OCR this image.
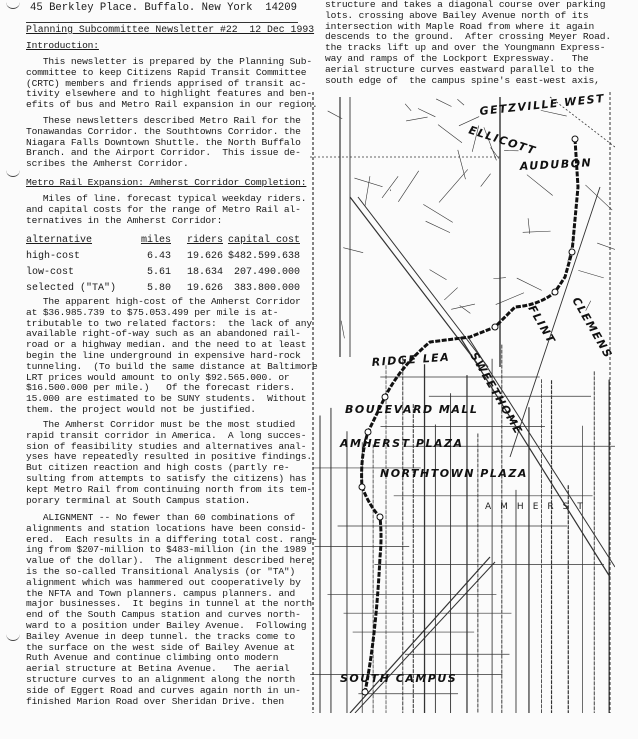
45 Berkley Place. Buffalo. New York  14209
Planning Subcommittee Newsletter #22  12 Dec 1993
Introduction:
This newsletter is prepared by the Planning Sub-
committee to keep Citizens Rapid Transit Committee
(CRTC) members and friends apprised of transit ac-
tivity elsewhere and to highlight features and ben-
efits of bus and Metro Rail expansion in our region.
These newsletters described Metro Rail for the
Tonawandas Corridor. the Southtowns Corridor. the
Niagara Falls Downtown Shuttle. the North Buffalo
Branch. and the Airport Corridor.  This issue de-
scribes the Amherst Corridor.
Metro Rail Expansion: Amherst Corridor Completion:
Miles of line. forecast typical weekday riders.
and capital costs for the range of Metro Rail al-
ternatives in the Amherst Corridor:
alternative	miles	riders capital cost
high-cost	6.43	19.626 $482.599.638
low-cost	5.61	18.634	207.490.000
selected ("TA")	5.80	19.626	383.800.000
The apparent high-cost of the Amherst Corridor
at $36.985.739 to $75.053.499 per mile is at-
tributable to two related factors:  the lack of any
available right-of-way such as an abandoned rail-
road or a highway median. and the need to at least
begin the line underground in expensive hard-rock
tunneling.  (To build the same distance at Baltimore
LRT prices would amount to only $92.565.000. or
$16.500.000 per mile.)   Of the forecast riders.
15.000 are estimated to be SUNY students.  Without
them. the project would not be justified.
The Amherst Corridor must be the most studied
rapid transit corridor in America.  A long succes-
sion of feasibility studies and alternatives anal-
yses have repeatedly resulted in positive findings.
But citizen reaction and high costs (partly re-
sulting from attempts to satisfy the citizens) has
kept Metro Rail from continuing north from its tem-
porary terminal at South Campus station.
ALIGNMENT -- No fewer than 60 combinations of
alignments and station locations have been consid-
ered.  Each results in a differing total cost. rang-
ing from $207-million to $483-million (in the 1989
value of the dollar).  The alignment described here
is the so-called Transitional Analysis (or "TA")
alignment which was hammered out cooperatively by
the NFTA and Town planners. campus planners. and
major businesses.  It begins in tunnel at the north
end of the South Campus station and curves north-
ward to a position under Bailey Avenue.  Following
Bailey Avenue in deep tunnel. the tracks come to
the surface on the west side of Bailey Avenue at
Ruth Avenue and continue climbing onto modern
aerial structure at Betina Avenue.   The aerial
structure curves to an alignment along the north
side of Eggert Road and curves again north in un-
finished Marion Road over Sheridan Drive. then
structure and takes a diagonal course over parking
lots. crossing above Bailey Avenue north of its
intersection with Maple Road from where it again
descends to the ground.  After crossing Meyer Road.
the tracks lift up and over the Youngmann Express-
way and ramps of the Lockport Expressway.   The
aerial structure curves eastward parallel to the
south edge of  the campus spine's east-west axis,
GETZVILLE WEST
ELLICOTT
AUDUBON
CLEMENS
FLINT
SWEETHOME
RIDGE LEA
BOULEVARD MALL
AMHERST PLAZA
NORTHTOWN PLAZA
SOUTH CAMPUS
AMHERST
